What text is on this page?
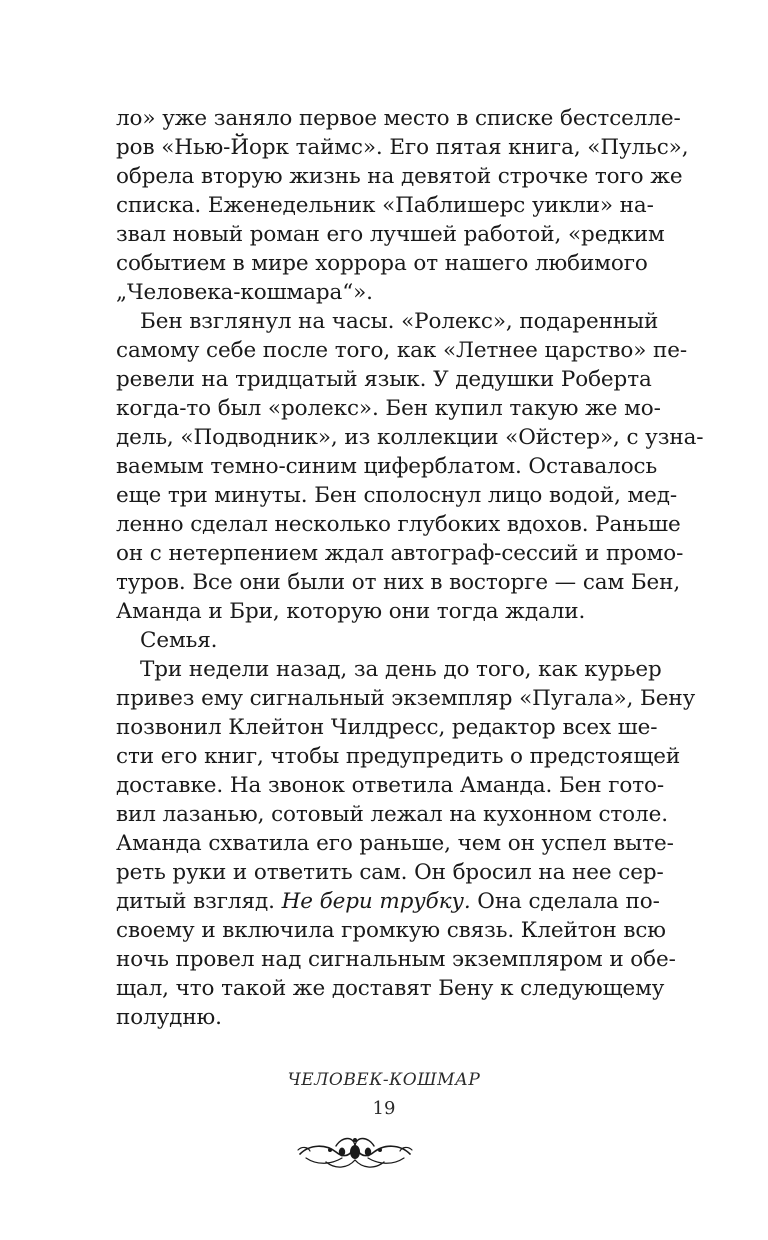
ло» уже заняло первое место в списке бестселле-
ров «Нью-Йорк таймс». Его пятая книга, «Пульс»,
обрела вторую жизнь на девятой строчке того же
списка. Еженедельник «Паблишерс уикли» на-
звал новый роман его лучшей работой, «редким
событием в мире хоррора от нашего любимого
„Человека-кошмара“».
Бен взглянул на часы. «Ролекс», подаренный
самому себе после того, как «Летнее царство» пе-
ревели на тридцатый язык. У дедушки Роберта
когда-то был «ролекс». Бен купил такую же мо-
дель, «Подводник», из коллекции «Ойстер», с узна-
ваемым темно-синим циферблатом. Оставалось
еще три минуты. Бен сполоснул лицо водой, мед-
ленно сделал несколько глубоких вдохов. Раньше
он с нетерпением ждал автограф-сессий и промо-
туров. Все они были от них в восторге — сам Бен,
Аманда и Бри, которую они тогда ждали.
Семья.
Три недели назад, за день до того, как курьер
привез ему сигнальный экземпляр «Пугала», Бену
позвонил Клейтон Чилдресс, редактор всех ше-
сти его книг, чтобы предупредить о предстоящей
доставке. На звонок ответила Аманда. Бен гото-
вил лазанью, сотовый лежал на кухонном столе.
Аманда схватила его раньше, чем он успел выте-
реть руки и ответить сам. Он бросил на нее сер-
дитый взгляд. Не бери трубку. Она сделала по-
своему и включила громкую связь. Клейтон всю
ночь провел над сигнальным экземпляром и обе-
щал, что такой же доставят Бену к следующему
полудню.
ЧЕЛОВЕК-КОШМАР
19
